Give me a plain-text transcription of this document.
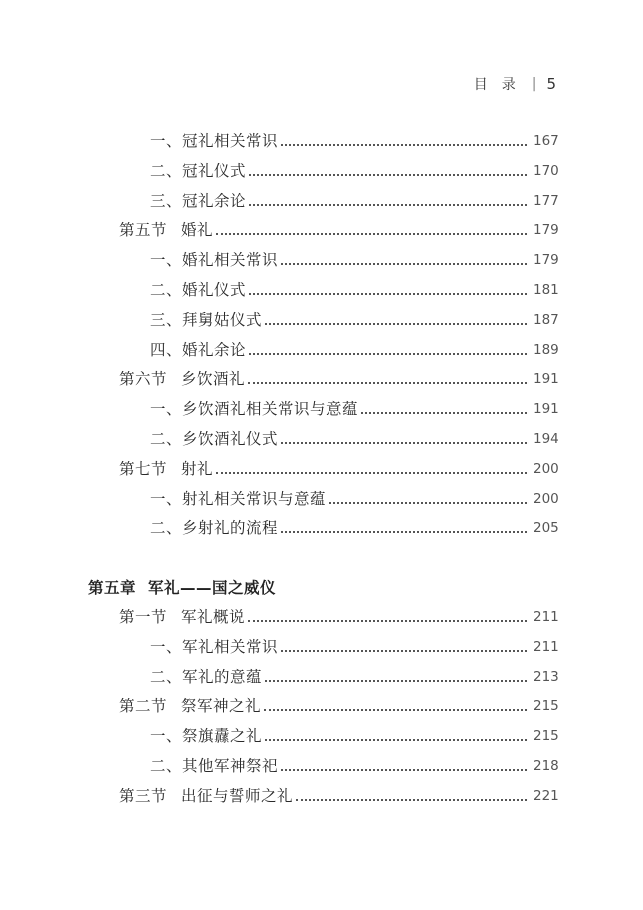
目录 | 5
一、冠礼相关常识	167
二、冠礼仪式	170
三、冠礼余论	177
第五节 婚礼	179
一、婚礼相关常识	179
二、婚礼仪式	181
三、拜舅姑仪式	187
四、婚礼余论	189
第六节 乡饮酒礼	191
一、乡饮酒礼相关常识与意蕴	191
二、乡饮酒礼仪式	194
第七节 射礼	200
一、射礼相关常识与意蕴	200
二、乡射礼的流程	205
第一节 军礼概说	211
一、军礼相关常识	211
二、军礼的意蕴	213
第二节 祭军神之礼	215
一、祭旗纛之礼	215
二、其他军神祭祀	218
第三节 出征与誓师之礼	221
第五章 军礼——国之威仪
